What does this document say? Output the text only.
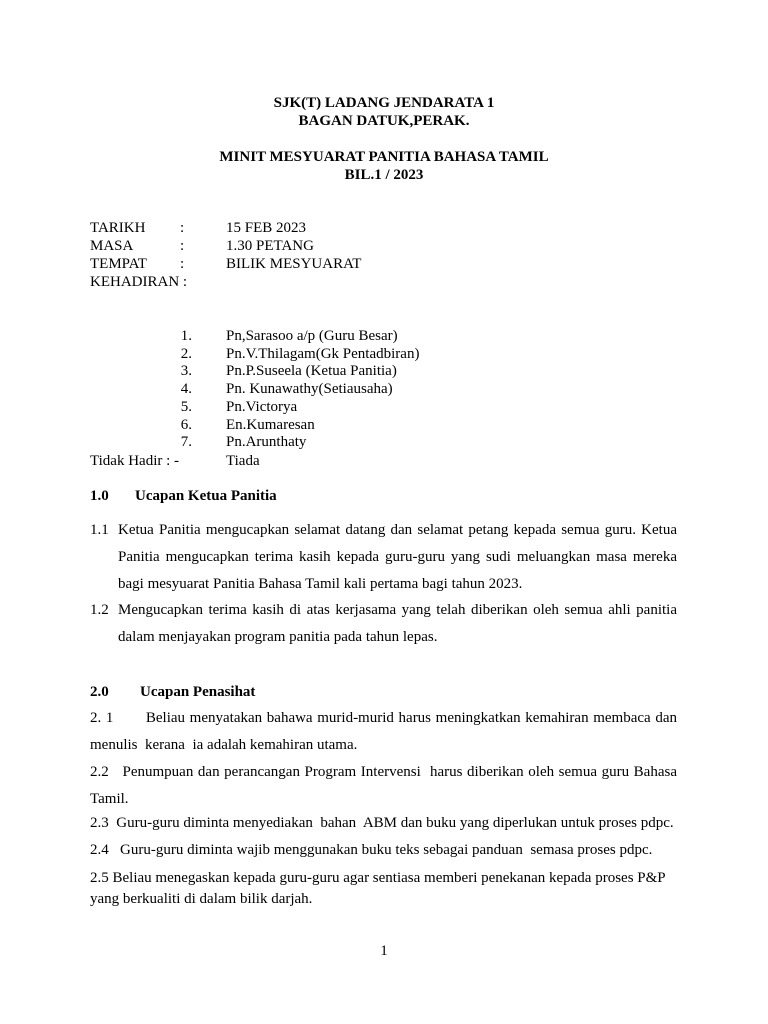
SJK(T) LADANG JENDARATA 1
BAGAN DATUK,PERAK.
MINIT MESYUARAT PANITIA BAHASA TAMIL
BIL.1 / 2023
TARIKH :	15 FEB 2023
MASA	:	1.30 PETANG
TEMPAT :	BILIK MESYUARAT
KEHADIRAN :
1. Pn,Sarasoo a/p (Guru Besar)
2. Pn.V.Thilagam(Gk Pentadbiran)
3. Pn.P.Suseela (Ketua Panitia)
4. Pn. Kunawathy(Setiausaha)
5. Pn.Victorya
6. En.Kumaresan
7. Pn.Arunthaty
Tidak Hadir : -	Tiada
1.0 Ucapan Ketua Panitia
1.1 Ketua Panitia mengucapkan selamat datang dan selamat petang kepada semua guru. Ketua Panitia mengucapkan terima kasih kepada guru-guru yang sudi meluangkan masa mereka bagi mesyuarat Panitia Bahasa Tamil kali pertama bagi tahun 2023.
1.2 Mengucapkan terima kasih di atas kerjasama yang telah diberikan oleh semua ahli panitia dalam menjayakan program panitia pada tahun lepas.
2.0 Ucapan Penasihat
2. 1       Beliau menyatakan bahawa murid-murid harus meningkatkan kemahiran membaca dan menulis  kerana  ia adalah kemahiran utama.
2.2   Penumpuan dan perancangan Program Intervensi  harus diberikan oleh semua guru Bahasa Tamil.
2.3  Guru-guru diminta menyediakan  bahan  ABM dan buku yang diperlukan untuk proses pdpc.
2.4   Guru-guru diminta wajib menggunakan buku teks sebagai panduan  semasa proses pdpc.
2.5 Beliau menegaskan kepada guru-guru agar sentiasa memberi penekanan kepada proses P&P yang berkualiti di dalam bilik darjah.
1
